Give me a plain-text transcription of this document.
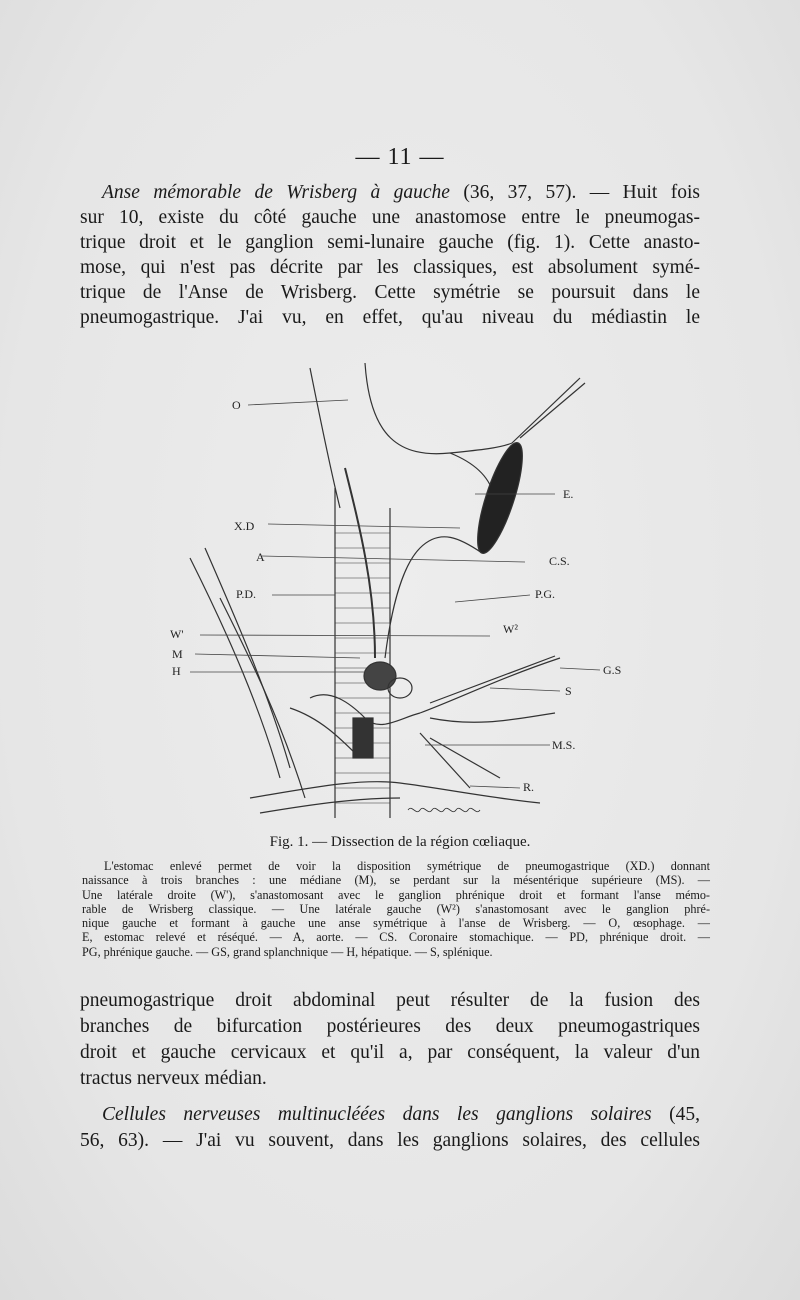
— 11 —
Anse mémorable de Wrisberg à gauche (36, 37, 57). — Huit fois
sur 10, existe du côté gauche une anastomose entre le pneumogas-
trique droit et le ganglion semi-lunaire gauche (fig. 1). Cette anasto-
mose, qui n'est pas décrite par les classiques, est absolument symé-
trique de l'Anse de Wrisberg. Cette symétrie se poursuit dans le
pneumogastrique. J'ai vu, en effet, qu'au niveau du médiastin le
O
E.
X.D
A	C.S.
P.D.	P.G.
W'	W²
M
H	G.S
S
M.S.
R.
Fig. 1. — Dissection de la région cœliaque.
L'estomac enlevé permet de voir la disposition symétrique de pneumogastrique (XD.) donnant
naissance à trois branches : une médiane (M), se perdant sur la mésentérique supérieure (MS). —
Une latérale droite (W'), s'anastomosant avec le ganglion phrénique droit et formant l'anse mémo-
rable de Wrisberg classique. — Une latérale gauche (W²) s'anastomosant avec le ganglion phré-
nique gauche et formant à gauche une anse symétrique à l'anse de Wrisberg. — O, œsophage. —
E, estomac relevé et réséqué. — A, aorte. — CS. Coronaire stomachique. — PD, phrénique droit. —
PG, phrénique gauche. — GS, grand splanchnique — H, hépatique. — S, splénique.
pneumogastrique droit abdominal peut résulter de la fusion des
branches de bifurcation postérieures des deux pneumogastriques
droit et gauche cervicaux et qu'il a, par conséquent, la valeur d'un
tractus nerveux médian.
Cellules nerveuses multinucléées dans les ganglions solaires (45,
56, 63). — J'ai vu souvent, dans les ganglions solaires, des cellules
